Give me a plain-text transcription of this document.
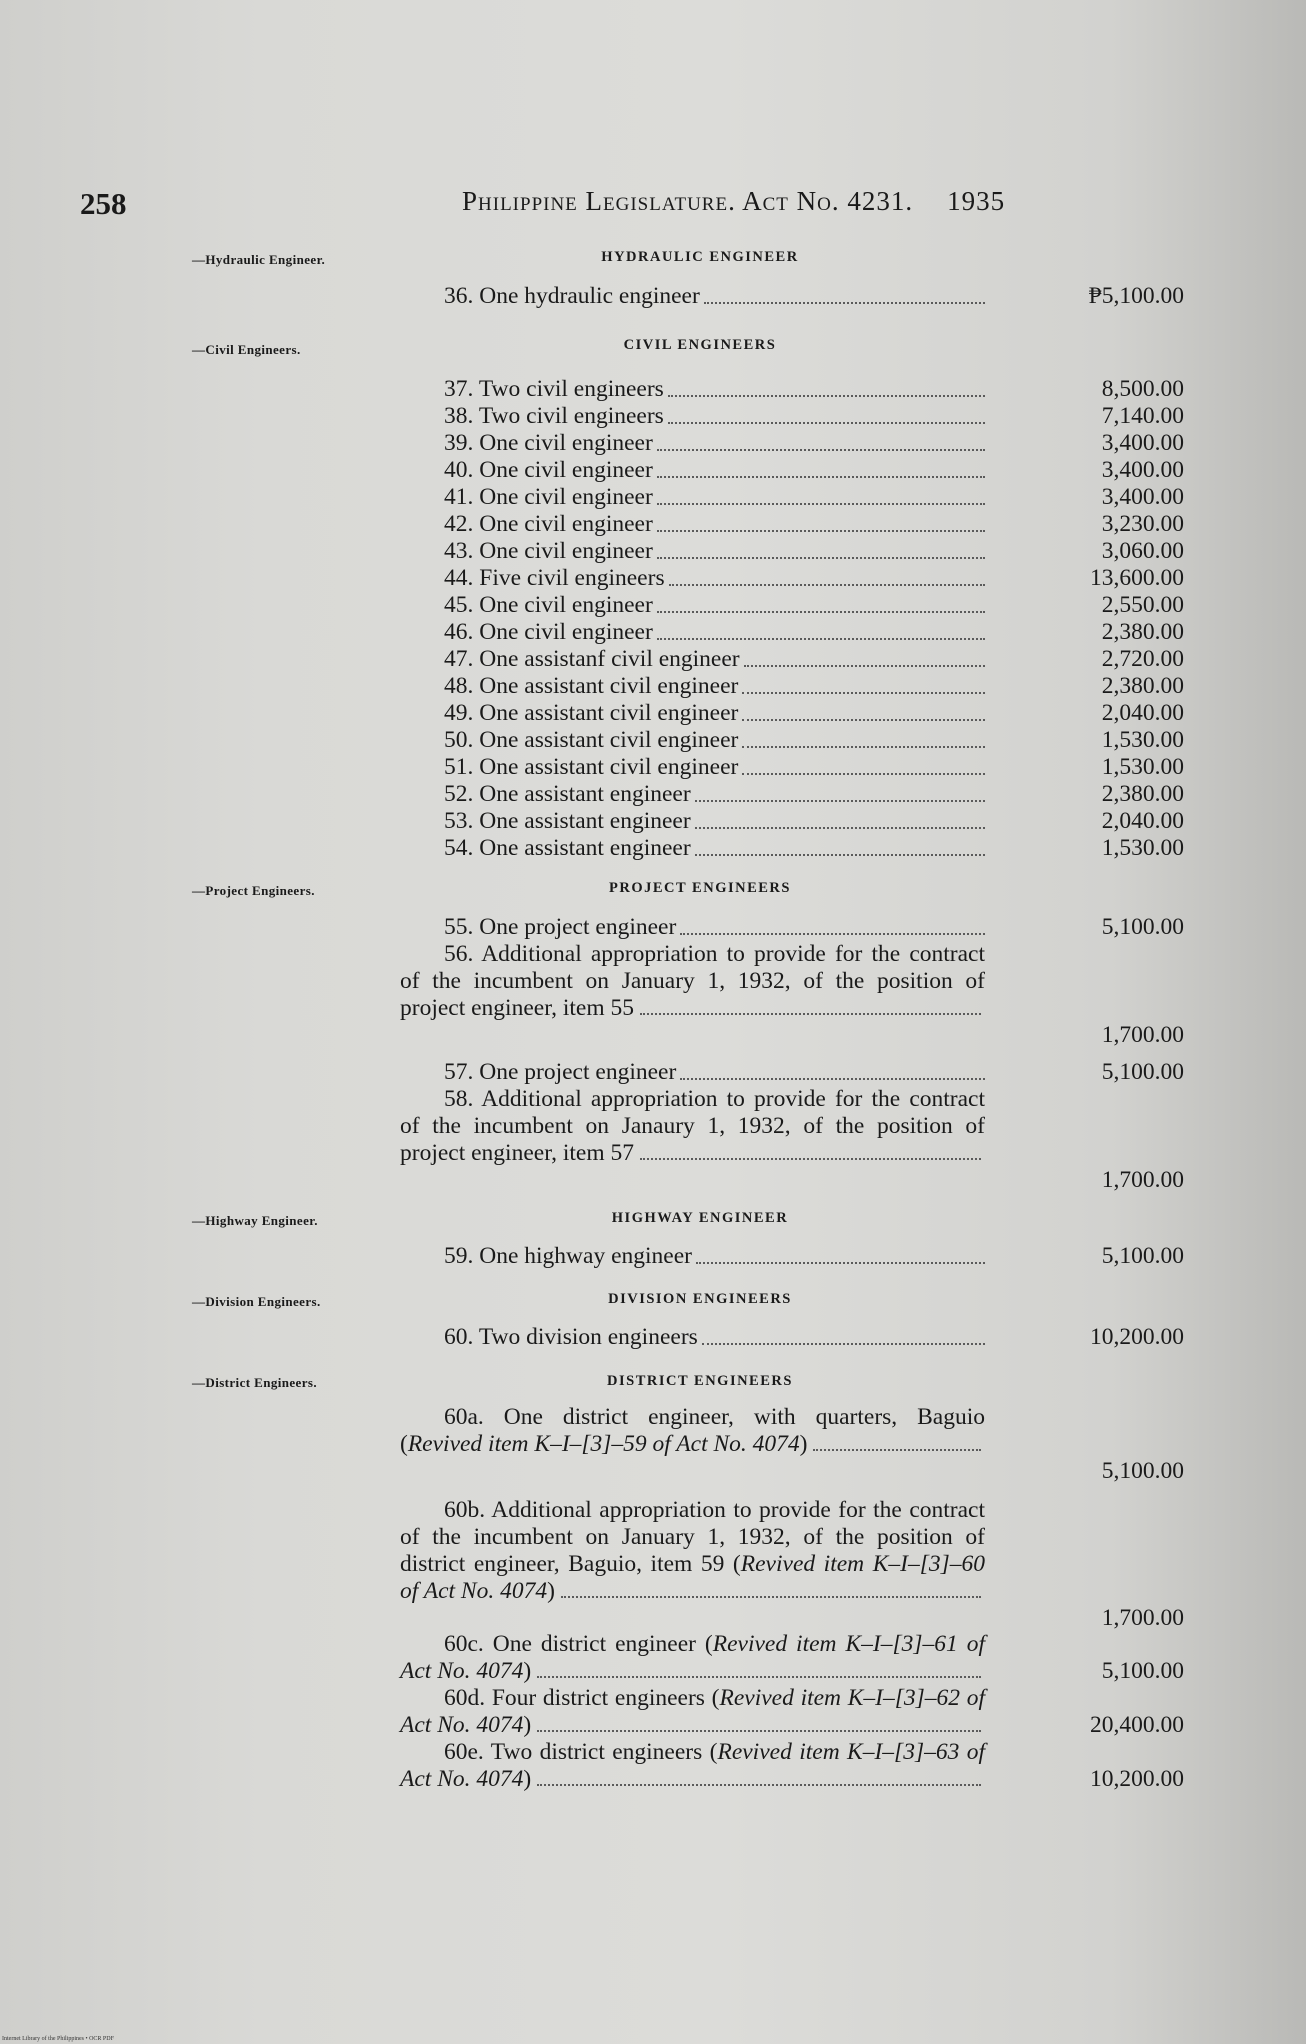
258	Philippine Legislature. Act No. 4231. 1935
—Hydraulic Engineer.	HYDRAULIC ENGINEER
—Civil Engineers.	CIVIL ENGINEERS
—Project Engineers.	PROJECT ENGINEERS
—Highway Engineer.	HIGHWAY ENGINEER
—Division Engineers.	DIVISION ENGINEERS
—District Engineers.	DISTRICT ENGINEERS
36. One hydraulic engineer	₱5,100.00
37. Two civil engineers	8,500.00
38. Two civil engineers	7,140.00
39. One civil engineer	3,400.00
40. One civil engineer	3,400.00
41. One civil engineer	3,400.00
42. One civil engineer	3,230.00
43. One civil engineer	3,060.00
44. Five civil engineers	13,600.00
45. One civil engineer	2,550.00
46. One civil engineer	2,380.00
47. One assistanf civil engineer	2,720.00
48. One assistant civil engineer	2,380.00
49. One assistant civil engineer	2,040.00
50. One assistant civil engineer	1,530.00
51. One assistant civil engineer	1,530.00
52. One assistant engineer	2,380.00
53. One assistant engineer	2,040.00
54. One assistant engineer	1,530.00
55. One project engineer	5,100.00

56. Additional appropriation to provide for the contract of the incumbent on January 1, 1932, of the position of project engineer, item 55

1,700.00
57. One project engineer	5,100.00

58. Additional appropriation to provide for the contract of the incumbent on Janaury 1, 1932, of the position of project engineer, item 57

1,700.00
59. One highway engineer	5,100.00
60. Two division engineers	10,200.00

60a. One district engineer, with quarters, Baguio (Revived item K–I–[3]–59 of Act No. 4074)

5,100.00

60b. Additional appropriation to provide for the contract of the incumbent on January 1, 1932, of the position of district engineer, Baguio, item 59 (Revived item K–I–[3]–60 of Act No. 4074)

1,700.00

60c. One district engineer (Revived item K–I–[3]–61 of Act No. 4074)	5,100.00

60d. Four district engineers (Revived item K–I–[3]–62 of Act No. 4074)	20,400.00

60e. Two district engineers (Revived item K–I–[3]–63 of Act No. 4074)	10,200.00
Internet Library of the Philippines • OCR PDF
